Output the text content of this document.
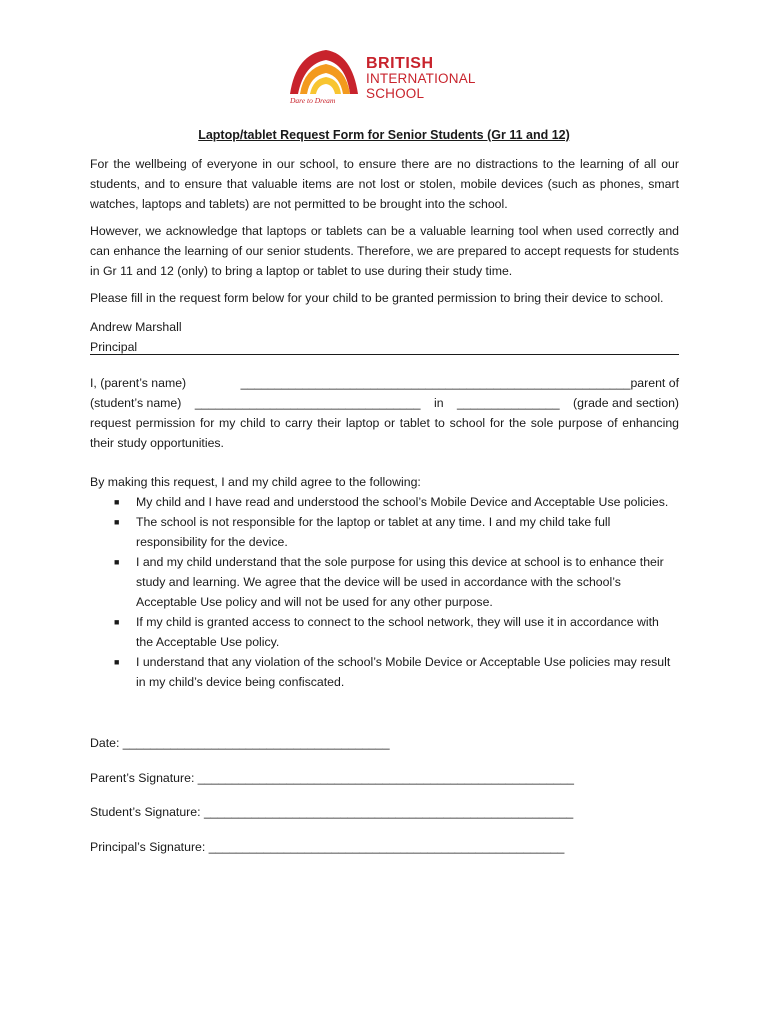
Dare to Dream
BRITISH
INTERNATIONAL
SCHOOL
Laptop/tablet Request Form for Senior Students (Gr 11 and 12)

For the wellbeing of everyone in our school, to ensure there are no distractions to the learning of all our students, and to ensure that valuable items are not lost or stolen, mobile devices (such as phones, smart watches, laptops and tablets) are not permitted to be brought into the school.

However, we acknowledge that laptops or tablets can be a valuable learning tool when used correctly and can enhance the learning of our senior students. Therefore, we are prepared to accept requests for students in Gr 11 and 12 (only) to bring a laptop or tablet to use during their study time.

Please fill in the request form below for your child to be granted permission to bring their device to school.

Andrew Marshall
Principal
I, (parent’s name)	_________________________________________________________ parent of
(student’s name) _________________________________ in _______________ (grade and section)
request permission for my child to carry their laptop or tablet to school for the sole purpose of enhancing their study opportunities.

By making this request, I and my child agree to the following:

■ My child and I have read and understood the school’s Mobile Device and Acceptable Use policies.
■ The school is not responsible for the laptop or tablet at any time. I and my child take full responsibility for the device.
■ I and my child understand that the sole purpose for using this device at school is to enhance their study and learning. We agree that the device will be used in accordance with the school’s Acceptable Use policy and will not be used for any other purpose.
■ If my child is granted access to connect to the school network, they will use it in accordance with the Acceptable Use policy.
■ I understand that any violation of the school’s Mobile Device or Acceptable Use policies may result in my child’s device being confiscated.
Date: _______________________________________
Parent’s Signature: _______________________________________________________
Student’s Signature: ______________________________________________________
Principal’s Signature: ____________________________________________________
